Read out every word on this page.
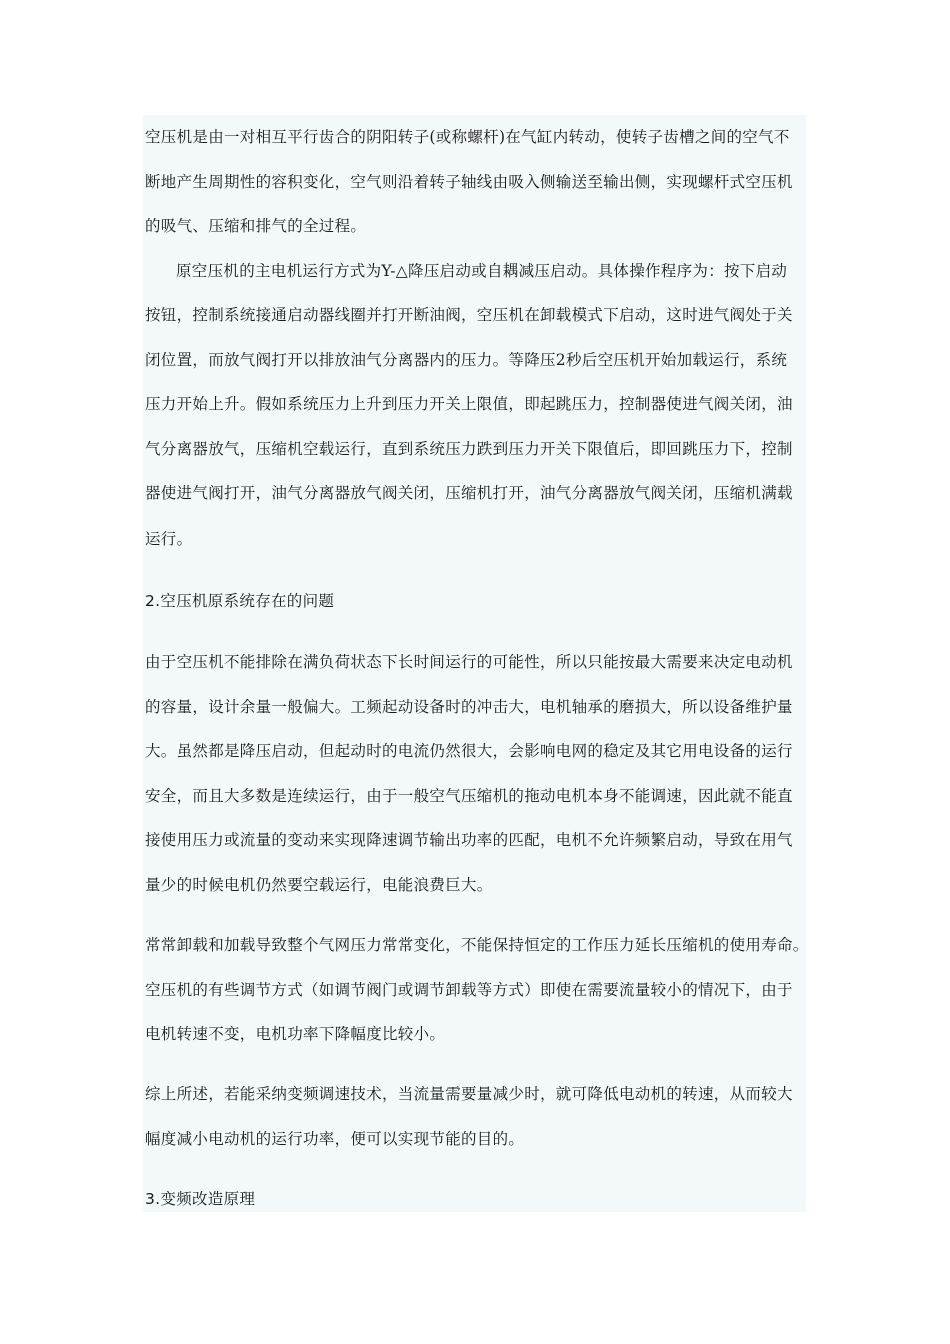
空压机是由一对相互平行齿合的阴阳转子(或称螺杆)在气缸内转动，使转子齿槽之间的空气不
断地产生周期性的容积变化，空气则沿着转子轴线由吸入侧输送至输出侧，实现螺杆式空压机
的吸气、压缩和排气的全过程。
原空压机的主电机运行方式为Y-△降压启动或自耦减压启动。具体操作程序为：按下启动
按钮，控制系统接通启动器线圈并打开断油阀，空压机在卸载模式下启动，这时进气阀处于关
闭位置，而放气阀打开以排放油气分离器内的压力。等降压2秒后空压机开始加载运行，系统
压力开始上升。假如系统压力上升到压力开关上限值，即起跳压力，控制器使进气阀关闭，油
气分离器放气，压缩机空载运行，直到系统压力跌到压力开关下限值后，即回跳压力下，控制
器使进气阀打开，油气分离器放气阀关闭，压缩机打开，油气分离器放气阀关闭，压缩机满载
运行。
2.空压机原系统存在的问题
由于空压机不能排除在满负荷状态下长时间运行的可能性，所以只能按最大需要来决定电动机
的容量，设计余量一般偏大。工频起动设备时的冲击大，电机轴承的磨损大，所以设备维护量
大。虽然都是降压启动，但起动时的电流仍然很大，会影响电网的稳定及其它用电设备的运行
安全，而且大多数是连续运行，由于一般空气压缩机的拖动电机本身不能调速，因此就不能直
接使用压力或流量的变动来实现降速调节输出功率的匹配，电机不允许频繁启动，导致在用气
量少的时候电机仍然要空载运行，电能浪费巨大。
常常卸载和加载导致整个气网压力常常变化，不能保持恒定的工作压力延长压缩机的使用寿命。
空压机的有些调节方式（如调节阀门或调节卸载等方式）即使在需要流量较小的情况下，由于
电机转速不变，电机功率下降幅度比较小。
综上所述，若能采纳变频调速技术，当流量需要量减少时，就可降低电动机的转速，从而较大
幅度减小电动机的运行功率，便可以实现节能的目的。
3.变频改造原理
